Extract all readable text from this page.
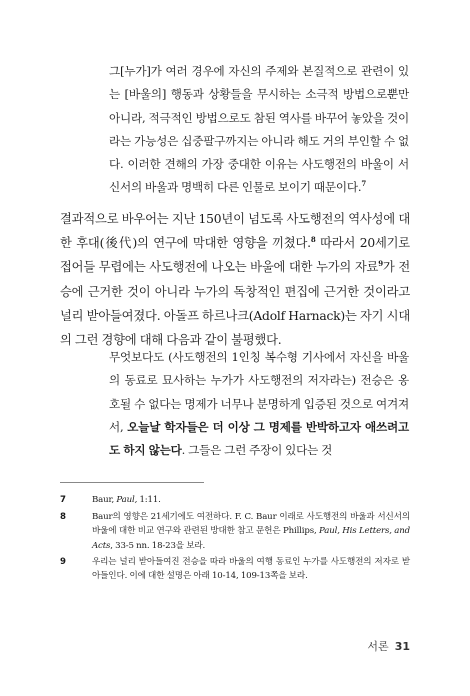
그[누가]가 여러 경우에 자신의 주제와 본질적으로 관련이 있는 [바울의] 행동과 상황들을 무시하는 소극적 방법으로뿐만 아니라, 적극적인 방법으로도 참된 역사를 바꾸어 놓았을 것이라는 가능성은 십중팔구까지는 아니라 해도 거의 부인할 수 없다. 이러한 견해의 가장 중대한 이유는 사도행전의 바울이 서신서의 바울과 명백히 다른 인물로 보이기 때문이다.$^7$
결과적으로 바우어는 지난 150년이 넘도록 사도행전의 역사성에 대한 후대(後代)의 연구에 막대한 영향을 끼쳤다.$^8$ 따라서 20세기로 접어들 무렵에는 사도행전에 나오는 바울에 대한 누가의 자료$^9$가 전승에 근거한 것이 아니라 누가의 독창적인 편집에 근거한 것이라고 널리 받아들여졌다. 아돌프 하르나크(Adolf Harnack)는 자기 시대의 그런 경향에 대해 다음과 같이 불평했다.
무엇보다도 (사도행전의 1인칭 복수형 기사에서 자신을 바울의 동료로 묘사하는 누가가 사도행전의 저자라는) 전승은 옹호될 수 없다는 명제가 너무나 분명하게 입증된 것으로 여겨져서, 오늘날 학자들은 더 이상 그 명제를 반박하고자 애쓰려고도 하지 않는다. 그들은 그런 주장이 있다는 것
7	Baur, Paul, 1:11.
8	Baur의 영향은 21세기에도 여전하다. F. C. Baur 이래로 사도행전의 바울과 서신서의 바울에 대한 비교 연구와 관련된 방대한 참고 문헌은 Phillips, Paul, His Letters, and Acts, 33-5 nn. 18-23을 보라.
9	우리는 널리 받아들여진 전승을 따라 바울의 여행 동료인 누가를 사도행전의 저자로 받아들인다. 이에 대한 설명은 아래 10-14, 109-13쪽을 보라.
서론 31
